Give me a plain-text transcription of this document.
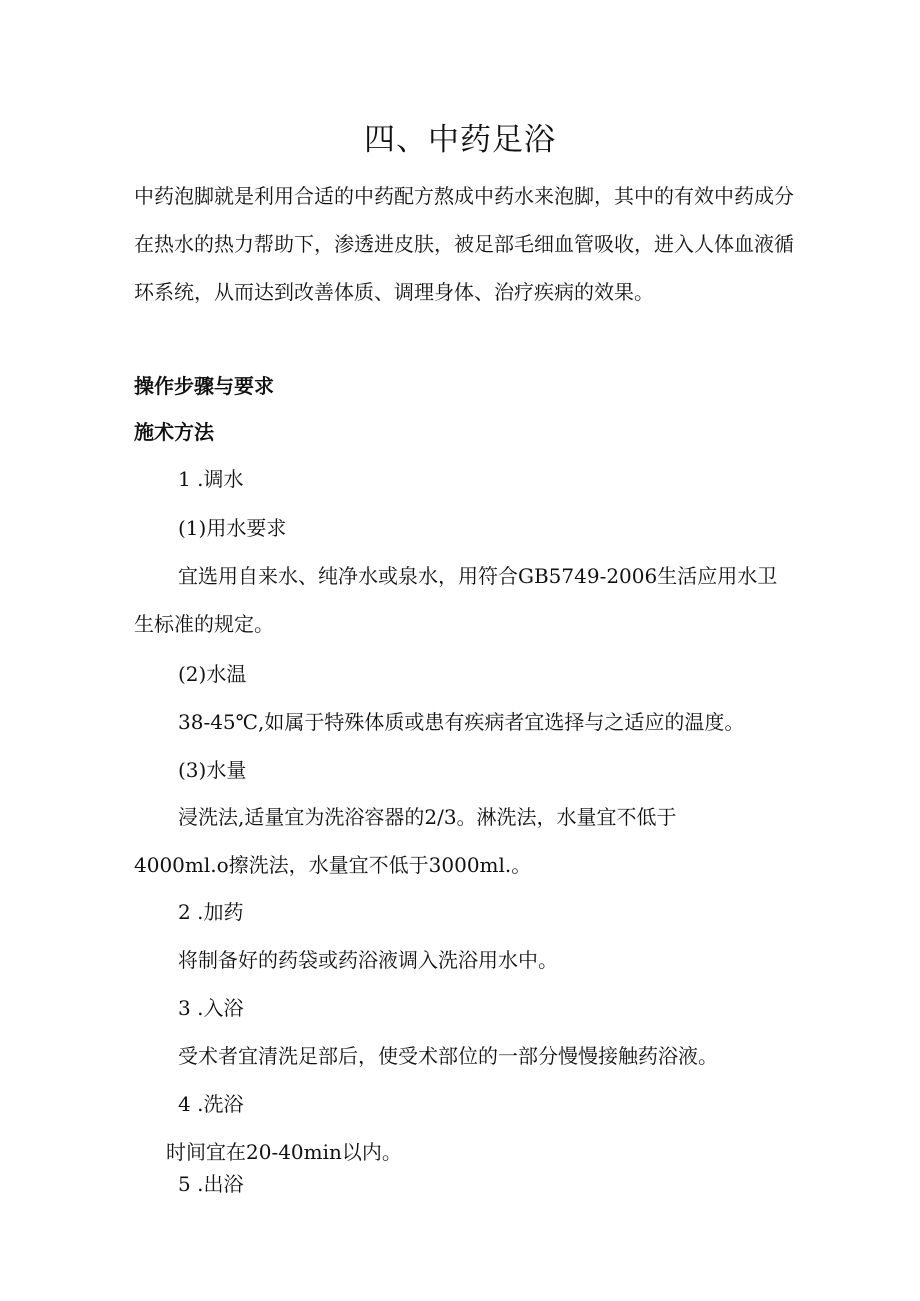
四、中药足浴

中药泡脚就是利用合适的中药配方熬成中药水来泡脚，其中的有效中药成分在热水的热力帮助下，渗透进皮肤，被足部毛细血管吸收，进入人体血液循环系统，从而达到改善体质、调理身体、治疗疾病的效果。

操作步骤与要求

施术方法

1 .调水

(1)用水要求

宜选用自来水、纯净水或泉水，用符合GB5749-2006生活应用水卫生标准的规定。

(2)水温

38-45℃,如属于特殊体质或患有疾病者宜选择与之适应的温度。

(3)水量

浸洗法,适量宜为洗浴容器的2/3。淋洗法，水量宜不低于

4000ml.o擦洗法，水量宜不低于3000ml.。

2 .加药

将制备好的药袋或药浴液调入洗浴用水中。

3 .入浴

受术者宜清洗足部后，使受术部位的一部分慢慢接触药浴液。

4 .洗浴

时间宜在20-40min以内。

5 .出浴
